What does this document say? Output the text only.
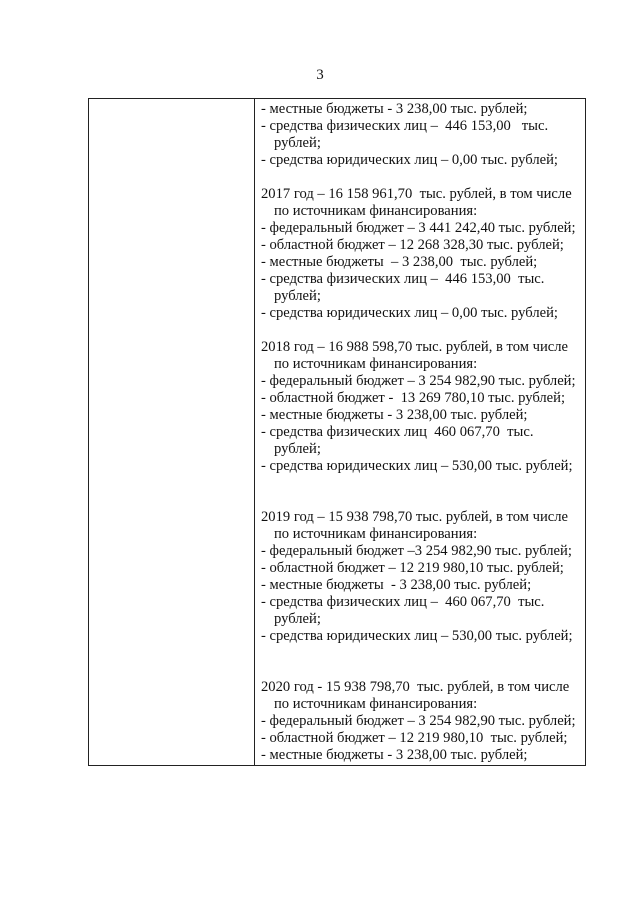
3
- местные бюджеты - 3 238,00 тыс. рублей;
- средства физических лиц –  446 153,00   тыс.
рублей;
- средства юридических лиц – 0,00 тыс. рублей;
2017 год – 16 158 961,70  тыс. рублей, в том числе
по источникам финансирования:
- федеральный бюджет – 3 441 242,40 тыс. рублей;
- областной бюджет – 12 268 328,30 тыс. рублей;
- местные бюджеты  – 3 238,00  тыс. рублей;
- средства физических лиц –  446 153,00  тыс.
рублей;
- средства юридических лиц – 0,00 тыс. рублей;
2018 год – 16 988 598,70 тыс. рублей, в том числе
по источникам финансирования:
- федеральный бюджет – 3 254 982,90 тыс. рублей;
- областной бюджет -  13 269 780,10 тыс. рублей;
- местные бюджеты - 3 238,00 тыс. рублей;
- средства физических лиц  460 067,70  тыс.
рублей;
- средства юридических лиц – 530,00 тыс. рублей;
2019 год – 15 938 798,70 тыс. рублей, в том числе
по источникам финансирования:
- федеральный бюджет –3 254 982,90 тыс. рублей;
- областной бюджет – 12 219 980,10 тыс. рублей;
- местные бюджеты  - 3 238,00 тыс. рублей;
- средства физических лиц –  460 067,70  тыс.
рублей;
- средства юридических лиц – 530,00 тыс. рублей;
2020 год - 15 938 798,70  тыс. рублей, в том числе
по источникам финансирования:
- федеральный бюджет – 3 254 982,90 тыс. рублей;
- областной бюджет – 12 219 980,10  тыс. рублей;
- местные бюджеты - 3 238,00 тыс. рублей;
